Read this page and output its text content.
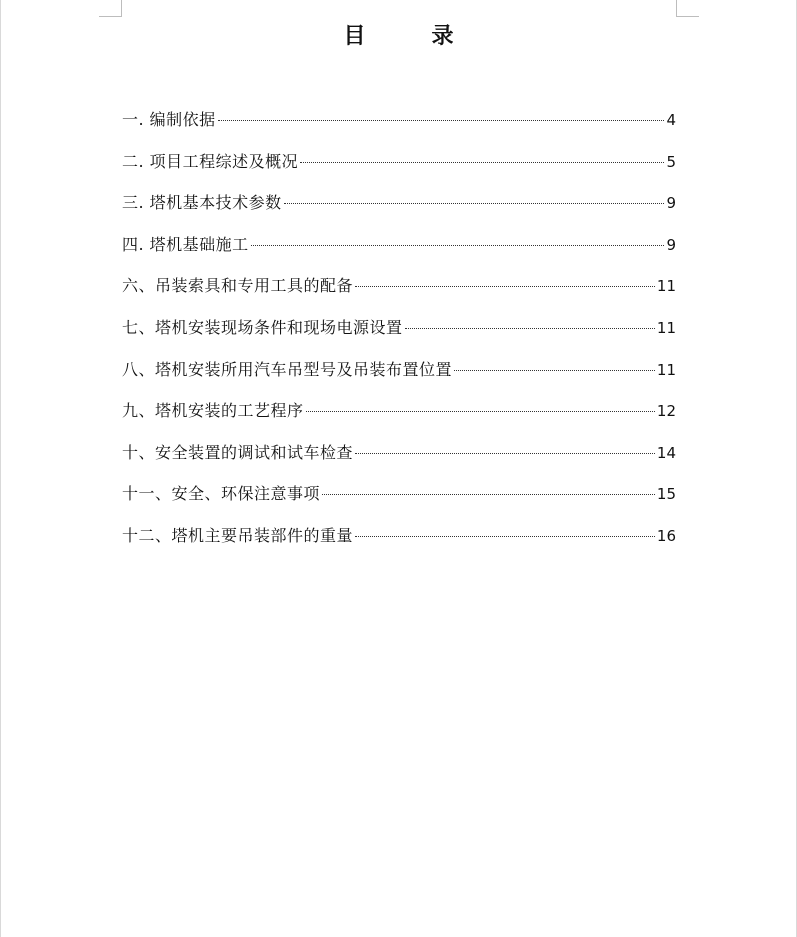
目　录
一. 编制依据	4
二. 项目工程综述及概况	5
三. 塔机基本技术参数	9
四. 塔机基础施工	9
六、吊装索具和专用工具的配备	11
七、塔机安装现场条件和现场电源设置	11
八、塔机安装所用汽车吊型号及吊装布置位置	11
九、塔机安装的工艺程序	12
十、安全装置的调试和试车检查	14
十一、安全、环保注意事项	15
十二、塔机主要吊装部件的重量	16
